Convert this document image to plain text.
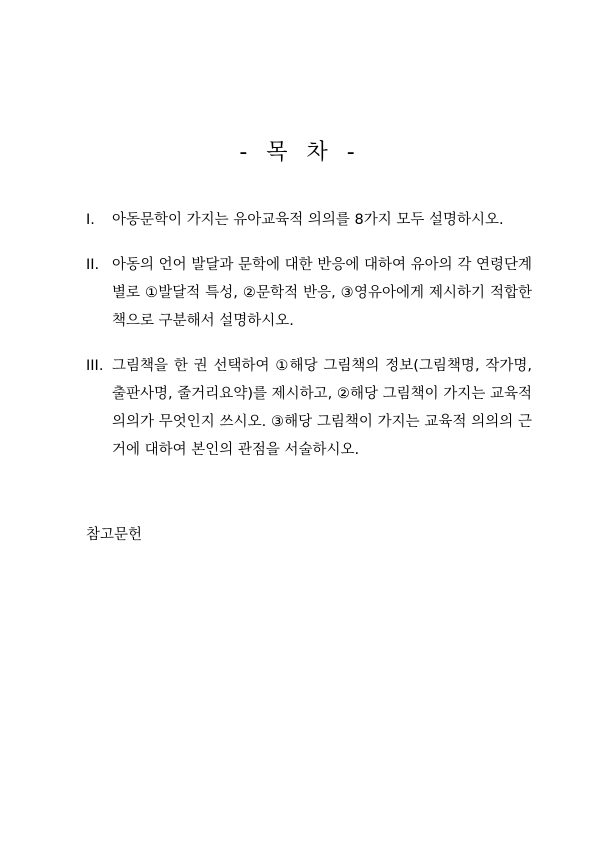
- 목 차 -
I.	아동문학이 가지는 유아교육적 의의를 8가지 모두 설명하시오.
II. 아동의 언어 발달과 문학에 대한 반응에 대하여 유아의 각 연령단계별로 ①발달적 특성, ②문학적 반응, ③영유아에게 제시하기 적합한 책으로 구분해서 설명하시오.
III. 그림책을 한 권 선택하여 ①해당 그림책의 정보(그림책명, 작가명, 출판사명, 줄거리요약)를 제시하고, ②해당 그림책이 가지는 교육적 의의가 무엇인지 쓰시오. ③해당 그림책이 가지는 교육적 의의의 근거에 대하여 본인의 관점을 서술하시오.
참고문헌
